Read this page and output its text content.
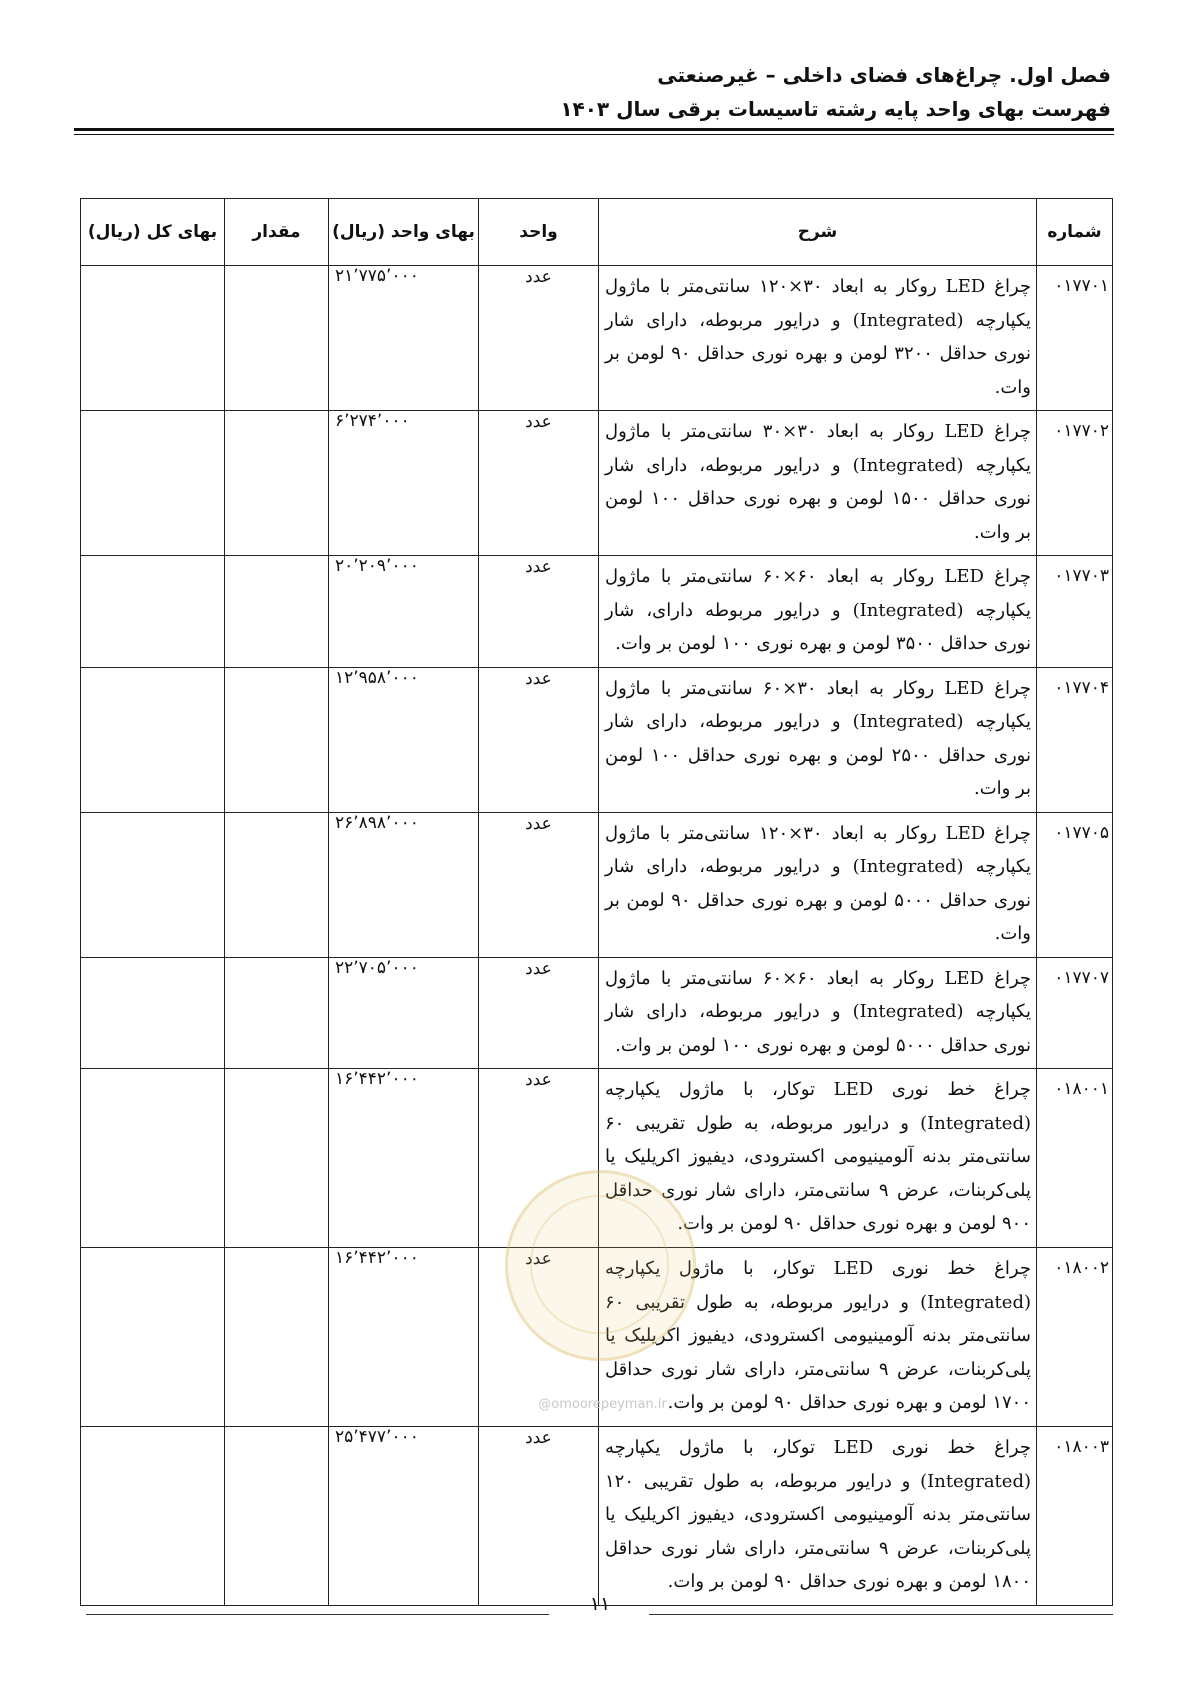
فصل اول. چراغ‌های فضای داخلی – غیرصنعتی
فهرست بهای واحد پایه رشته تاسیسات برقی سال ۱۴۰۳
شماره	شرح	واحد	بهای واحد (ریال)	مقدار	بهای کل (ریال)
۰۱۷۷۰۱	چراغ LED روکار به ابعاد ۳۰×۱۲۰ سانتی‌متر با ماژول یکپارچه (Integrated) و درایور مربوطه، دارای شار نوری حداقل ۳۲۰۰ لومن و بهره نوری حداقل ۹۰ لومن بر وات.	عدد	۲۱٬۷۷۵٬۰۰۰		
۰۱۷۷۰۲	چراغ LED روکار به ابعاد ۳۰×۳۰ سانتی‌متر با ماژول یکپارچه (Integrated) و درایور مربوطه، دارای شار نوری حداقل ۱۵۰۰ لومن و بهره نوری حداقل ۱۰۰ لومن بر وات.	عدد	۶٬۲۷۴٬۰۰۰		
۰۱۷۷۰۳	چراغ LED روکار به ابعاد ۶۰×۶۰ سانتی‌متر با ماژول یکپارچه (Integrated) و درایور مربوطه دارای، شار نوری حداقل ۳۵۰۰ لومن و بهره نوری ۱۰۰ لومن بر وات.	عدد	۲۰٬۲۰۹٬۰۰۰		
۰۱۷۷۰۴	چراغ LED روکار به ابعاد ۳۰×۶۰ سانتی‌متر با ماژول یکپارچه (Integrated) و درایور مربوطه، دارای شار نوری حداقل ۲۵۰۰ لومن و بهره نوری حداقل ۱۰۰ لومن بر وات.	عدد	۱۲٬۹۵۸٬۰۰۰		
۰۱۷۷۰۵	چراغ LED روکار به ابعاد ۳۰×۱۲۰ سانتی‌متر با ماژول یکپارچه (Integrated) و درایور مربوطه، دارای شار نوری حداقل ۵۰۰۰ لومن و بهره نوری حداقل ۹۰ لومن بر وات.	عدد	۲۶٬۸۹۸٬۰۰۰		
۰۱۷۷۰۷	چراغ LED روکار به ابعاد ۶۰×۶۰ سانتی‌متر با ماژول یکپارچه (Integrated) و درایور مربوطه، دارای شار نوری حداقل ۵۰۰۰ لومن و بهره نوری ۱۰۰ لومن بر وات.	عدد	۲۲٬۷۰۵٬۰۰۰		
۰۱۸۰۰۱	چراغ خط نوری LED توکار، با ماژول یکپارچه (Integrated) و درایور مربوطه، به طول تقریبی ۶۰ سانتی‌متر بدنه آلومینیومی اکسترودی، دیفیوز اکریلیک یا پلی‌کربنات، عرض ۹ سانتی‌متر، دارای شار نوری حداقل ۹۰۰ لومن و بهره نوری حداقل ۹۰ لومن بر وات.	عدد	۱۶٬۴۴۲٬۰۰۰		
۰۱۸۰۰۲	چراغ خط نوری LED توکار، با ماژول یکپارچه (Integrated) و درایور مربوطه، به طول تقریبی ۶۰ سانتی‌متر بدنه آلومینیومی اکسترودی، دیفیوز اکریلیک یا پلی‌کربنات، عرض ۹ سانتی‌متر، دارای شار نوری حداقل ۱۷۰۰ لومن و بهره نوری حداقل ۹۰ لومن بر وات.	عدد	۱۶٬۴۴۲٬۰۰۰		
۰۱۸۰۰۳	چراغ خط نوری LED توکار، با ماژول یکپارچه (Integrated) و درایور مربوطه، به طول تقریبی ۱۲۰ سانتی‌متر بدنه آلومینیومی اکسترودی، دیفیوز اکریلیک یا پلی‌کربنات، عرض ۹ سانتی‌متر، دارای شار نوری حداقل ۱۸۰۰ لومن و بهره نوری حداقل ۹۰ لومن بر وات.	عدد	۲۵٬۴۷۷٬۰۰۰		
@omoorepeyman.ir
۱۱
